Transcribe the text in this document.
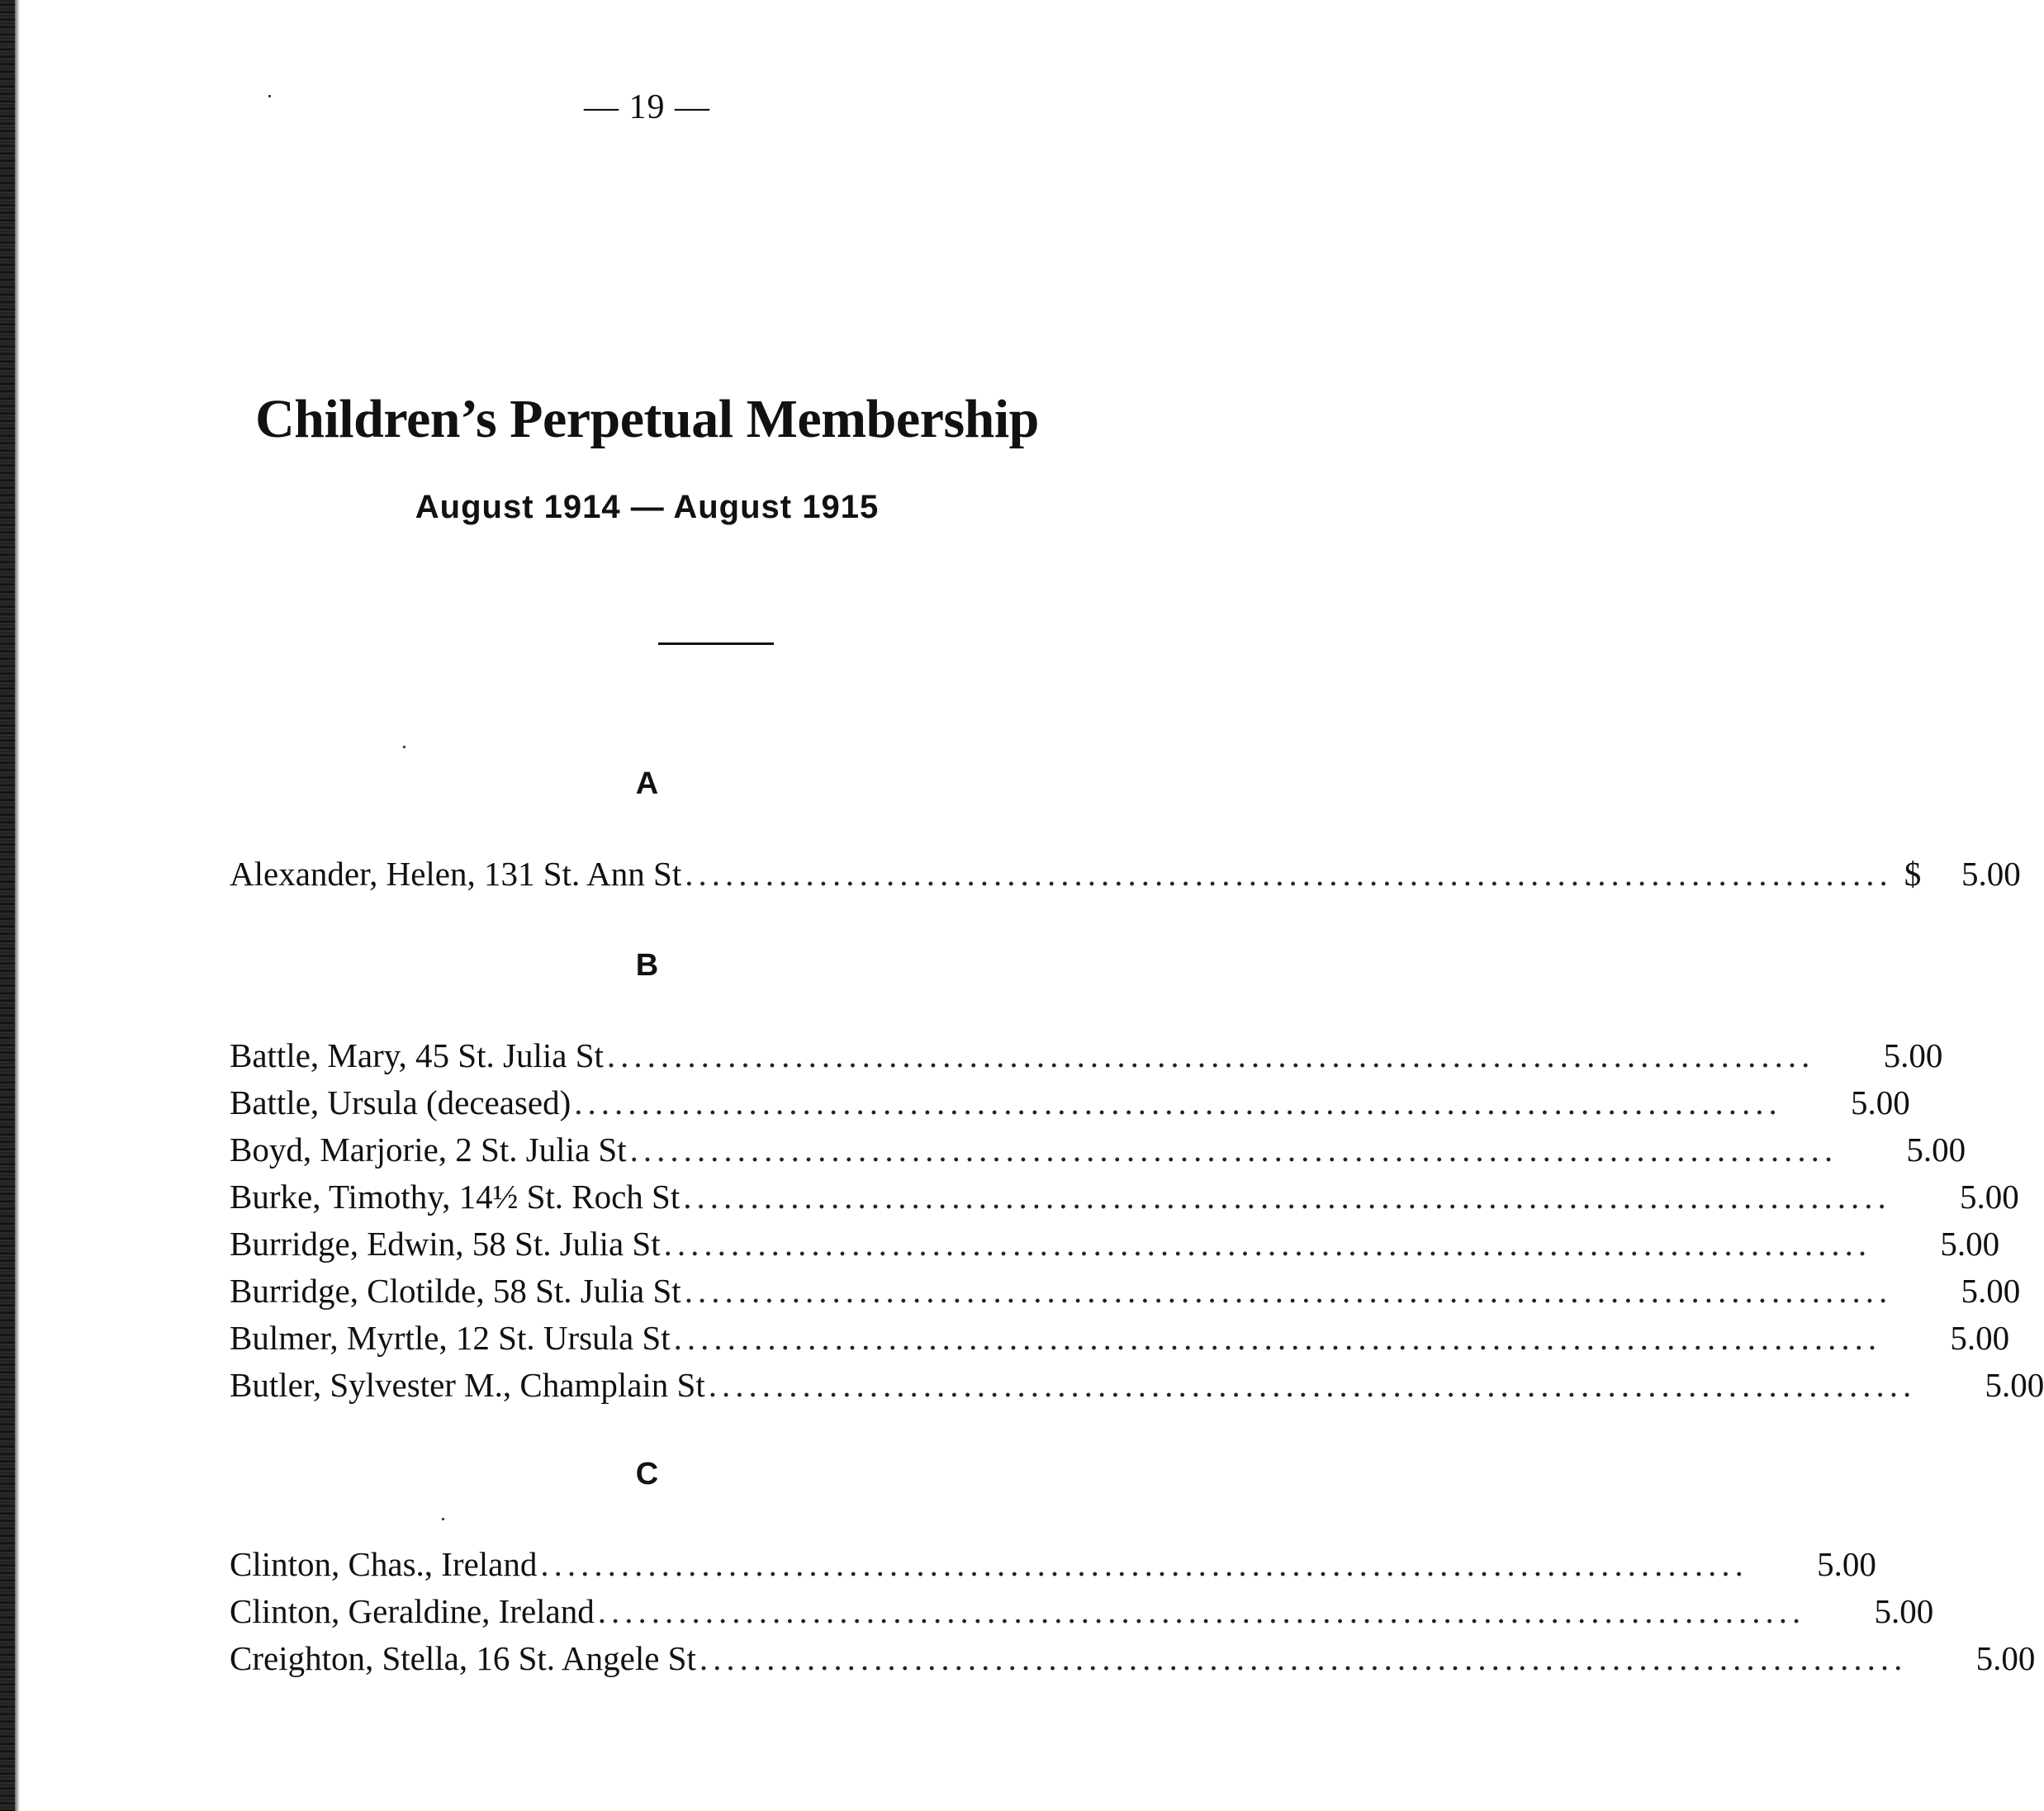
— 19 —
Children’s Perpetual Membership
August 1914 — August 1915
A
Alexander, Helen, 131 St. Ann St .......................................................................................... $	5.00
B
Battle, Mary, 45 St. Julia St ..........................................................................................	5.00
Battle, Ursula (deceased) ..........................................................................................	5.00
Boyd, Marjorie, 2 St. Julia St ..........................................................................................	5.00
Burke, Timothy, 14½ St. Roch St ..........................................................................................	5.00
Burridge, Edwin, 58 St. Julia St ..........................................................................................	5.00
Burridge, Clotilde, 58 St. Julia St ..........................................................................................	5.00
Bulmer, Myrtle, 12 St. Ursula St ..........................................................................................	5.00
Butler, Sylvester M., Champlain St ..........................................................................................	5.00
C
Clinton, Chas., Ireland ..........................................................................................	5.00
Clinton, Geraldine, Ireland ..........................................................................................	5.00
Creighton, Stella, 16 St. Angele St ..........................................................................................	5.00
